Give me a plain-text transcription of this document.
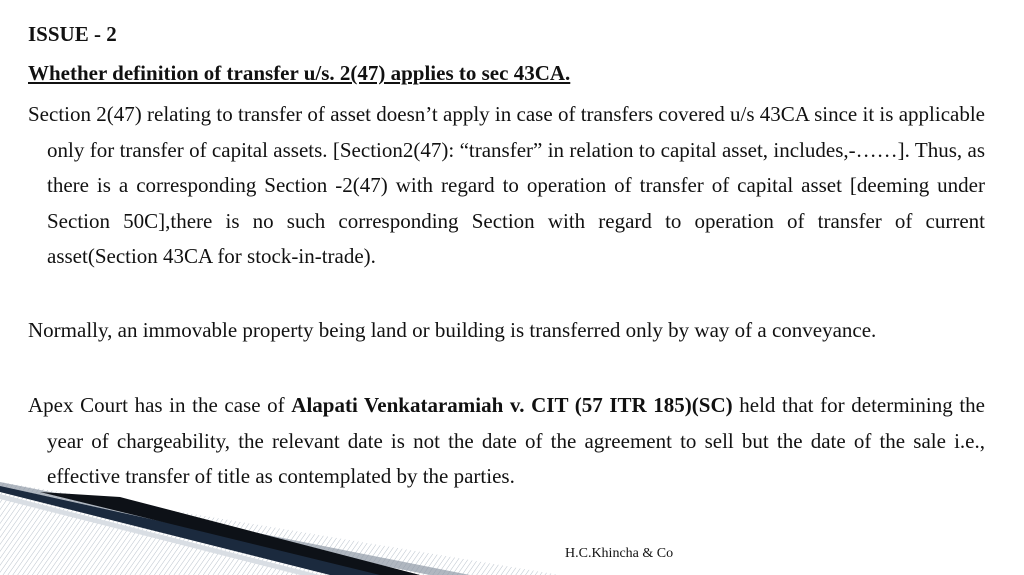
ISSUE - 2
Whether definition of transfer u/s. 2(47) applies to sec 43CA.
Section 2(47) relating to transfer of asset doesn’t apply in case of transfers covered u/s 43CA since it is applicable only for transfer of capital assets. [Section2(47): “transfer” in relation to capital asset, includes,-……]. Thus, as there is a corresponding Section -2(47) with regard to operation of transfer of capital asset [deeming under Section 50C],there is no such corresponding Section with regard to operation of transfer of current asset(Section 43CA for stock-in-trade).
Normally, an immovable property being land or building is transferred only by way of a conveyance.
Apex Court has in the case of Alapati Venkataramiah v. CIT (57 ITR 185)(SC) held that for determining the year of chargeability, the relevant date is not the date of the agreement to sell but the date of the sale i.e., effective transfer of title as contemplated by the parties.
H.C.Khincha & Co
